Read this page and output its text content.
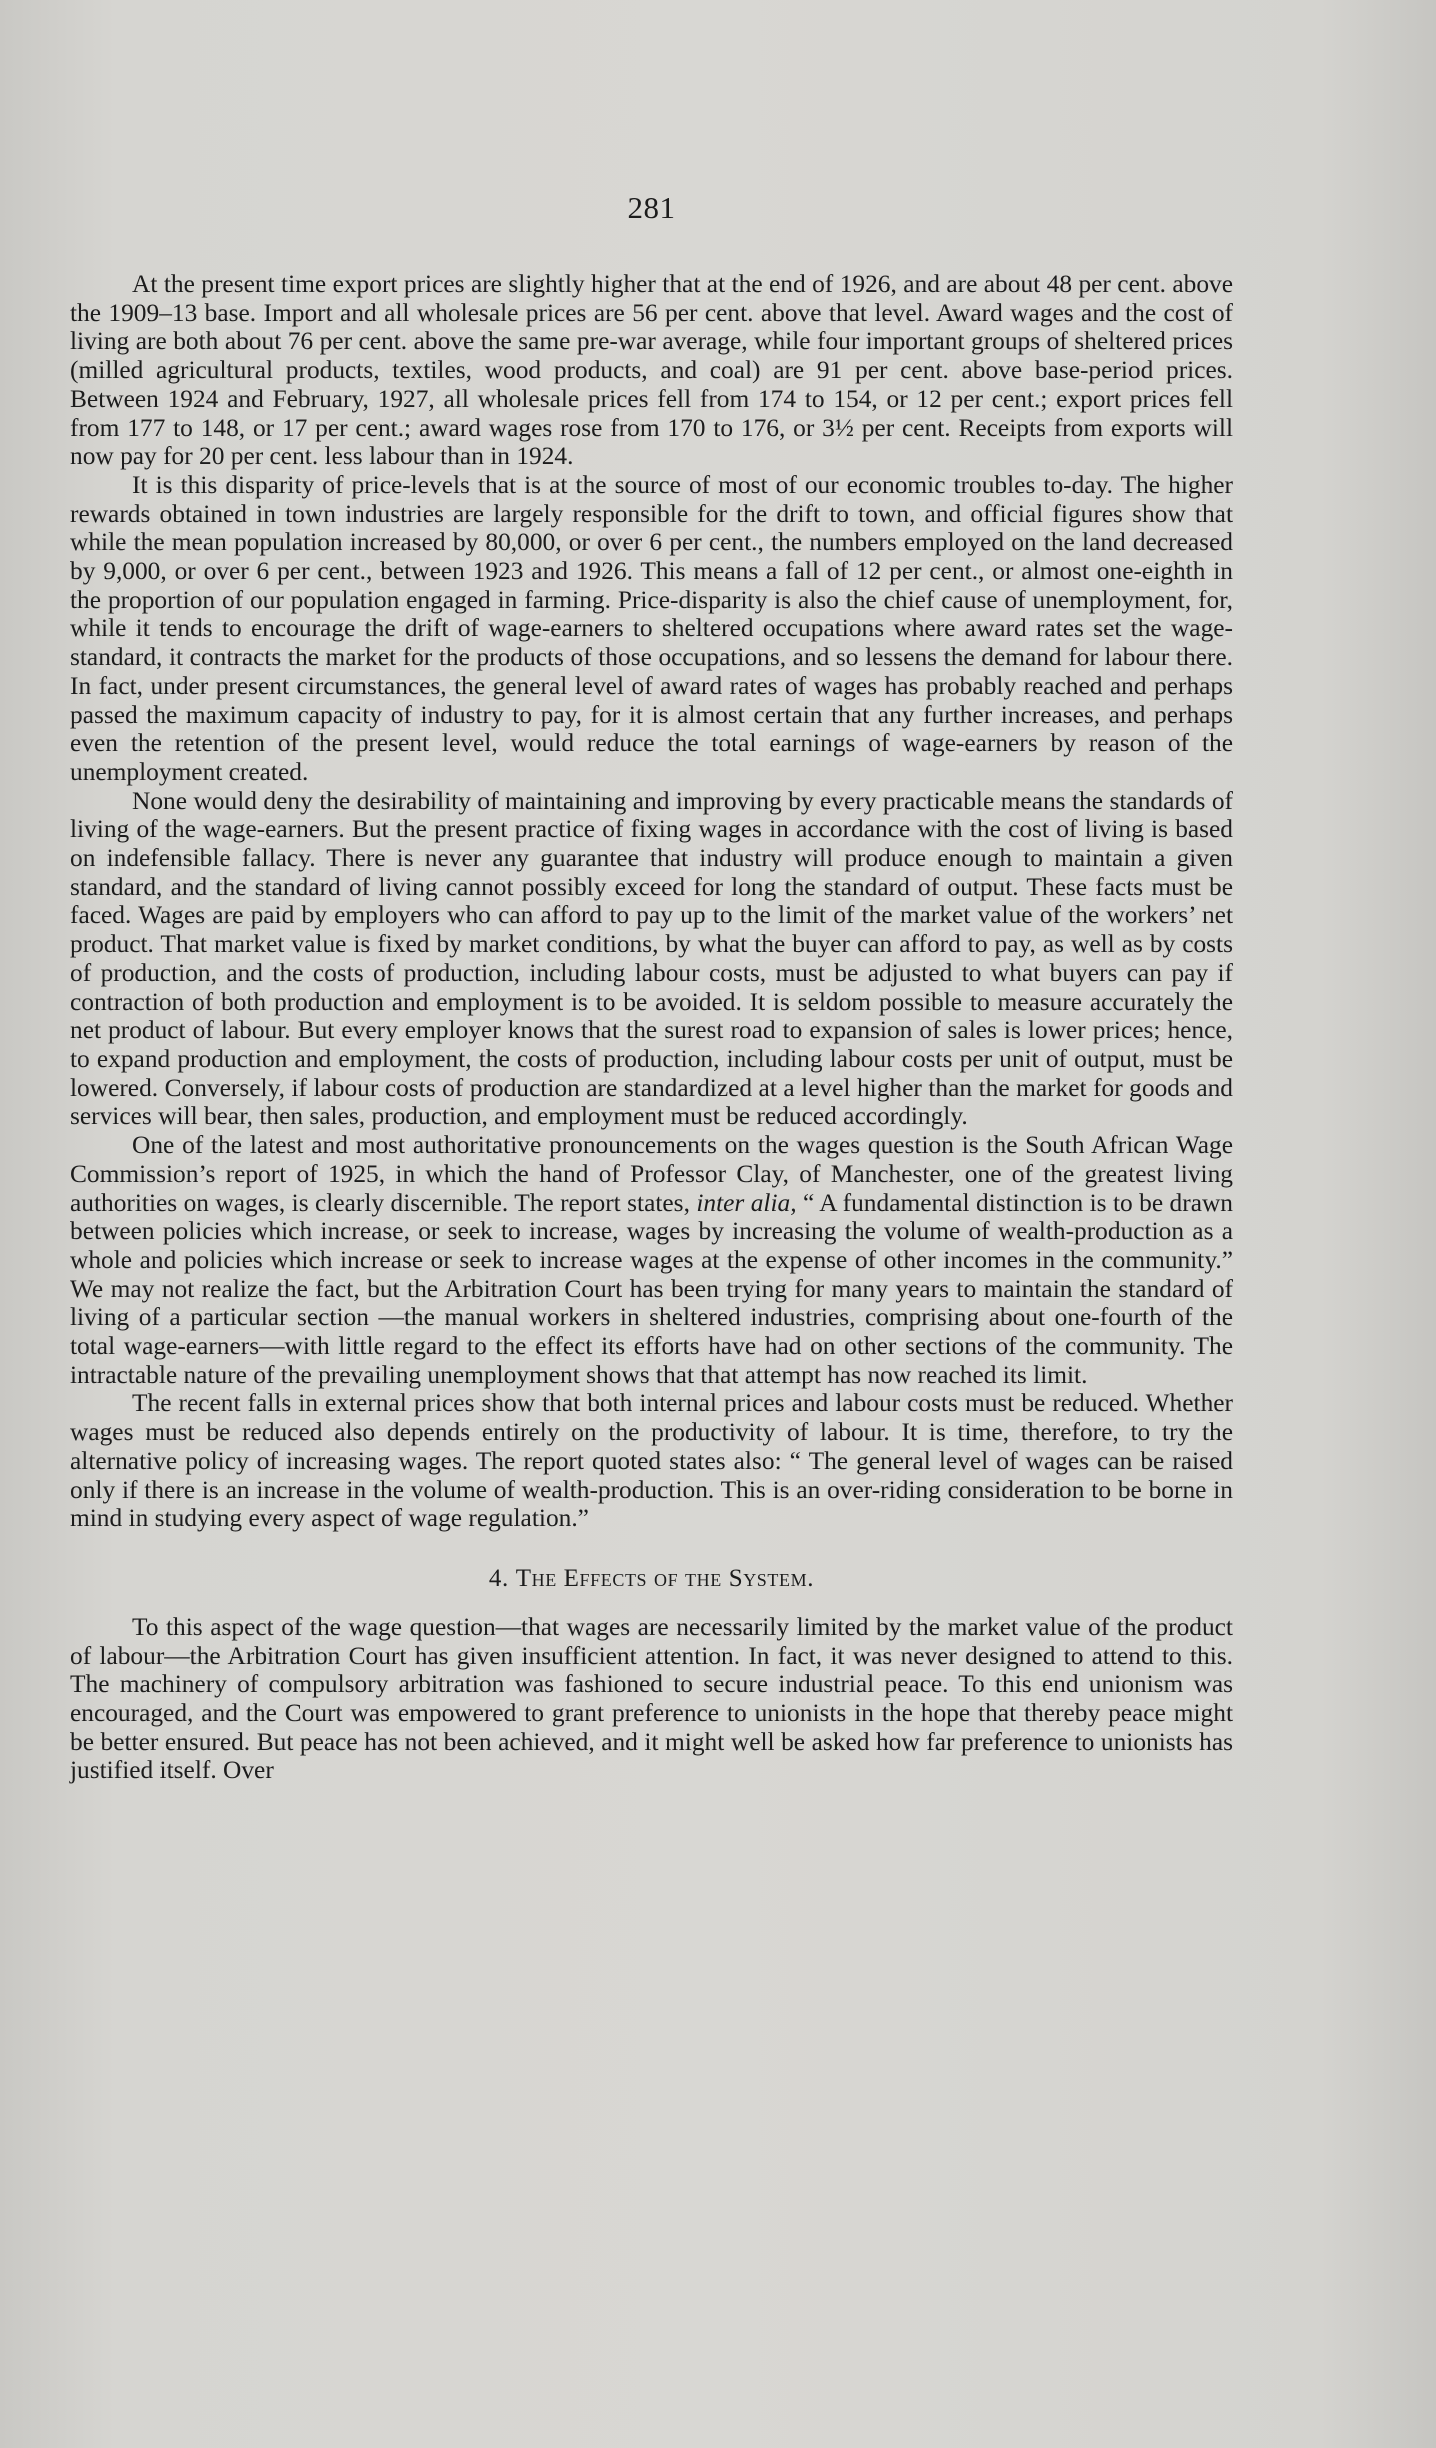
281

At the present time export prices are slightly higher that at the end of 1926, and are about 48 per cent. above the 1909–13 base. Import and all wholesale prices are 56 per cent. above that level. Award wages and the cost of living are both about 76 per cent. above the same pre-war average, while four important groups of sheltered prices (milled agricultural products, textiles, wood products, and coal) are 91 per cent. above base-period prices. Between 1924 and February, 1927, all wholesale prices fell from 174 to 154, or 12 per cent.; export prices fell from 177 to 148, or 17 per cent.; award wages rose from 170 to 176, or 3½ per cent. Receipts from exports will now pay for 20 per cent. less labour than in 1924.

It is this disparity of price-levels that is at the source of most of our economic troubles to-day. The higher rewards obtained in town industries are largely responsible for the drift to town, and official figures show that while the mean population increased by 80,000, or over 6 per cent., the numbers employed on the land decreased by 9,000, or over 6 per cent., between 1923 and 1926. This means a fall of 12 per cent., or almost one-eighth in the proportion of our population engaged in farming. Price-disparity is also the chief cause of unemployment, for, while it tends to encourage the drift of wage-earners to sheltered occupations where award rates set the wage-standard, it contracts the market for the products of those occupations, and so lessens the demand for labour there. In fact, under present circumstances, the general level of award rates of wages has probably reached and perhaps passed the maximum capacity of industry to pay, for it is almost certain that any further increases, and perhaps even the retention of the present level, would reduce the total earnings of wage-earners by reason of the unemployment created.

None would deny the desirability of maintaining and improving by every practicable means the standards of living of the wage-earners. But the present practice of fixing wages in accordance with the cost of living is based on indefensible fallacy. There is never any guarantee that industry will produce enough to maintain a given standard, and the standard of living cannot possibly exceed for long the standard of output. These facts must be faced. Wages are paid by employers who can afford to pay up to the limit of the market value of the workers’ net product. That market value is fixed by market conditions, by what the buyer can afford to pay, as well as by costs of production, and the costs of production, including labour costs, must be adjusted to what buyers can pay if contraction of both production and employment is to be avoided. It is seldom possible to measure accurately the net product of labour. But every employer knows that the surest road to expansion of sales is lower prices; hence, to expand production and employment, the costs of production, including labour costs per unit of output, must be lowered. Conversely, if labour costs of production are standardized at a level higher than the market for goods and services will bear, then sales, production, and employment must be reduced accordingly.

One of the latest and most authoritative pronouncements on the wages question is the South African Wage Commission’s report of 1925, in which the hand of Professor Clay, of Manchester, one of the greatest living authorities on wages, is clearly discernible. The report states, inter alia, “ A fundamental distinction is to be drawn between policies which increase, or seek to increase, wages by increasing the volume of wealth-production as a whole and policies which increase or seek to increase wages at the expense of other incomes in the community.” We may not realize the fact, but the Arbitration Court has been trying for many years to maintain the standard of living of a particular section —the manual workers in sheltered industries, comprising about one-fourth of the total wage-earners—with little regard to the effect its efforts have had on other sections of the community. The intractable nature of the prevailing unemployment shows that that attempt has now reached its limit.

The recent falls in external prices show that both internal prices and labour costs must be reduced. Whether wages must be reduced also depends entirely on the productivity of labour. It is time, therefore, to try the alternative policy of increasing wages. The report quoted states also: “ The general level of wages can be raised only if there is an increase in the volume of wealth-production. This is an over-riding consideration to be borne in mind in studying every aspect of wage regulation.”

4. The Effects of the System.

To this aspect of the wage question—that wages are necessarily limited by the market value of the product of labour—the Arbitration Court has given insufficient attention. In fact, it was never designed to attend to this. The machinery of compulsory arbitration was fashioned to secure industrial peace. To this end unionism was encouraged, and the Court was empowered to grant preference to unionists in the hope that thereby peace might be better ensured. But peace has not been achieved, and it might well be asked how far preference to unionists has justified itself. Over
